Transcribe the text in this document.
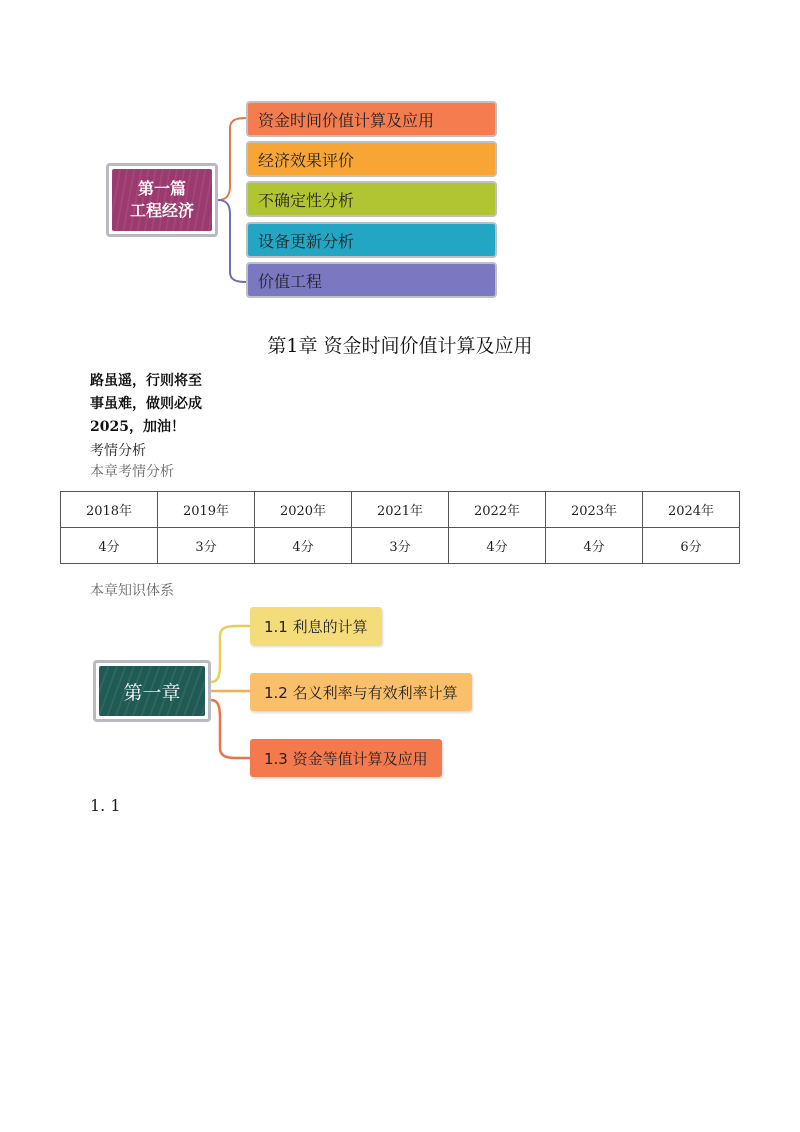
第一篇
工程经济
资金时间价值计算及应用
经济效果评价
不确定性分析
设备更新分析
价值工程
第1章 资金时间价值计算及应用
路虽遥，行则将至
事虽难，做则必成
2025，加油！
考情分析
本章考情分析
2018年	2019年	2020年	2021年	2022年	2023年	2024年
4分	3分	4分	3分	4分	4分	6分
本章知识体系
第一章
1.1 利息的计算
1.2 名义利率与有效利率计算
1.3 资金等值计算及应用
1. 1
